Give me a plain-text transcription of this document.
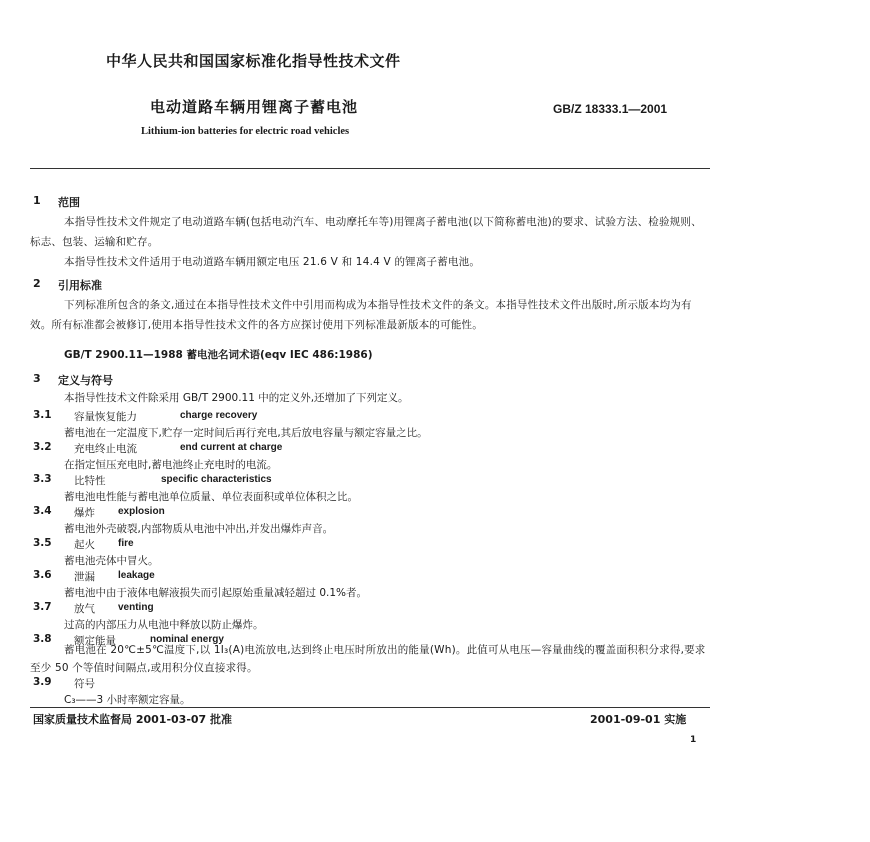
中华人民共和国国家标准化指导性技术文件
电动道路车辆用锂离子蓄电池	GB/Z 18333.1—2001
Lithium-ion batteries for electric road vehicles
1 范围
本指导性技术文件规定了电动道路车辆(包括电动汽车、电动摩托车等)用锂离子蓄电池(以下简称蓄电池)的要求、试验方法、检验规则、标志、包装、运输和贮存。
本指导性技术文件适用于电动道路车辆用额定电压 21.6 V 和 14.4 V 的锂离子蓄电池。
2 引用标准
下列标准所包含的条文,通过在本指导性技术文件中引用而构成为本指导性技术文件的条文。本指导性技术文件出版时,所示版本均为有效。所有标准都会被修订,使用本指导性技术文件的各方应探讨使用下列标准最新版本的可能性。
GB/T 2900.11—1988 蓄电池名词术语(eqv IEC 486:1986)
3 定义与符号
本指导性技术文件除采用 GB/T 2900.11 中的定义外,还增加了下列定义。
3.1 容量恢复能力	charge recovery
蓄电池在一定温度下,贮存一定时间后再行充电,其后放电容量与额定容量之比。
3.2 充电终止电流	end current at charge
在指定恒压充电时,蓄电池终止充电时的电流。
3.3 比特性	specific characteristics
蓄电池电性能与蓄电池单位质量、单位表面积或单位体积之比。
3.4 爆炸 explosion
蓄电池外壳破裂,内部物质从电池中冲出,并发出爆炸声音。
3.5 起火 fire
蓄电池壳体中冒火。
3.6 泄漏 leakage
蓄电池中由于液体电解液损失而引起原始重量减轻超过 0.1%者。
3.7 放气 venting
过高的内部压力从电池中释放以防止爆炸。
3.8 额定能量	nominal energy
蓄电池在 20℃±5℃温度下,以 1I₃(A)电流放电,达到终止电压时所放出的能量(Wh)。此值可从电压—容量曲线的覆盖面积积分求得,要求至少 50 个等值时间隔点,或用积分仪直接求得。
3.9 符号
C₃——3 小时率额定容量。
国家质量技术监督局 2001-03-07 批准	2001-09-01 实施
1
